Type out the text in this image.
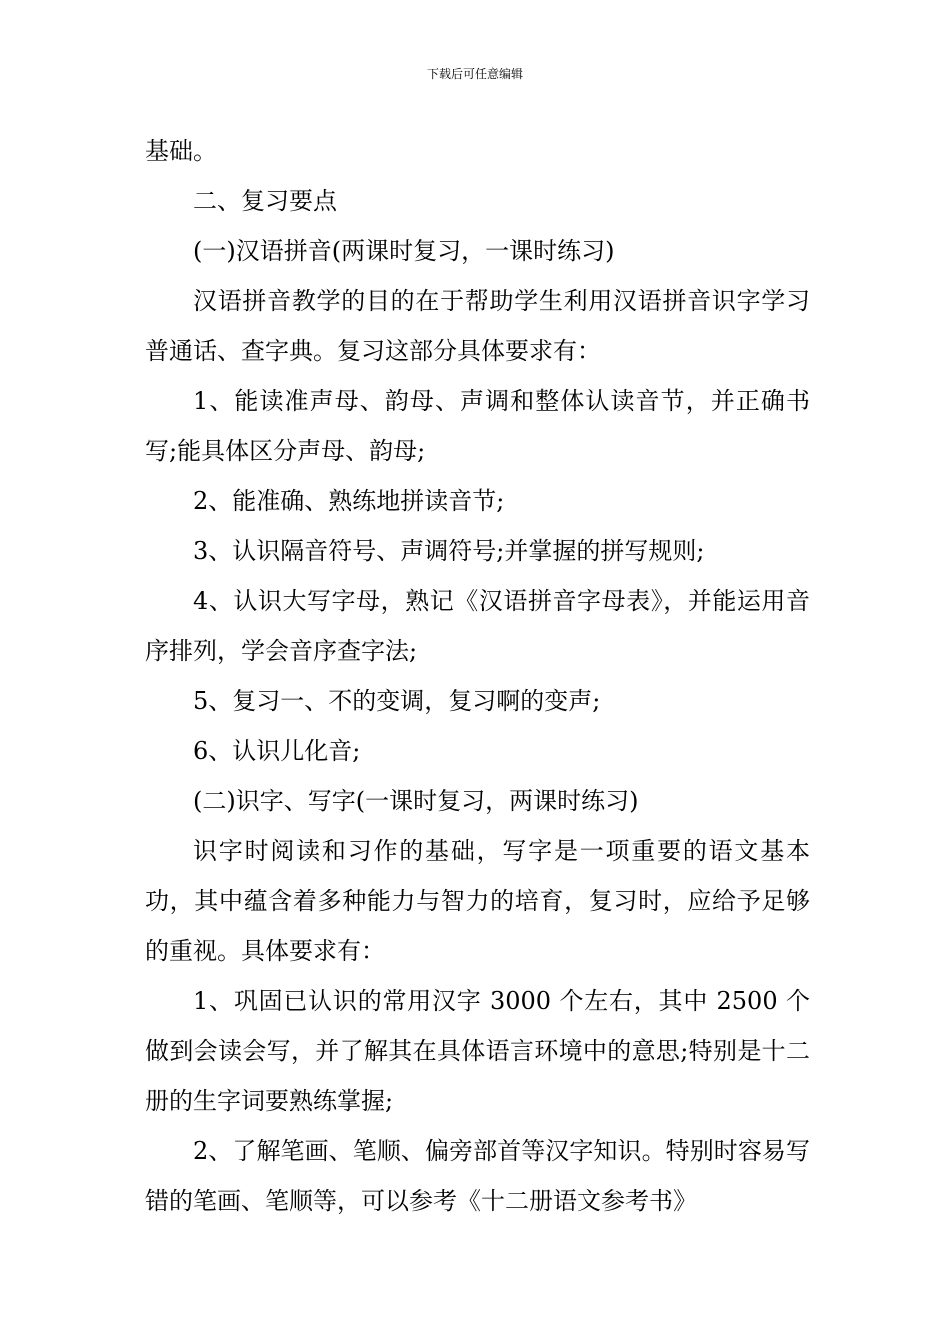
下载后可任意编辑

基础。

二、复习要点

(一)汉语拼音(两课时复习，一课时练习)

汉语拼音教学的目的在于帮助学生利用汉语拼音识字学习普通话、查字典。复习这部分具体要求有：

1、能读准声母、韵母、声调和整体认读音节，并正确书写;能具体区分声母、韵母;

2、能准确、熟练地拼读音节;

3、认识隔音符号、声调符号;并掌握的拼写规则;

4、认识大写字母，熟记《汉语拼音字母表》，并能运用音序排列，学会音序查字法;

5、复习一、不的变调，复习啊的变声;

6、认识儿化音;

(二)识字、写字(一课时复习，两课时练习)

识字时阅读和习作的基础，写字是一项重要的语文基本功，其中蕴含着多种能力与智力的培育，复习时，应给予足够的重视。具体要求有：

1、巩固已认识的常用汉字 3000 个左右，其中 2500 个做到会读会写，并了解其在具体语言环境中的意思;特别是十二册的生字词要熟练掌握;

2、了解笔画、笔顺、偏旁部首等汉字知识。特别时容易写错的笔画、笔顺等，可以参考《十二册语文参考书》
